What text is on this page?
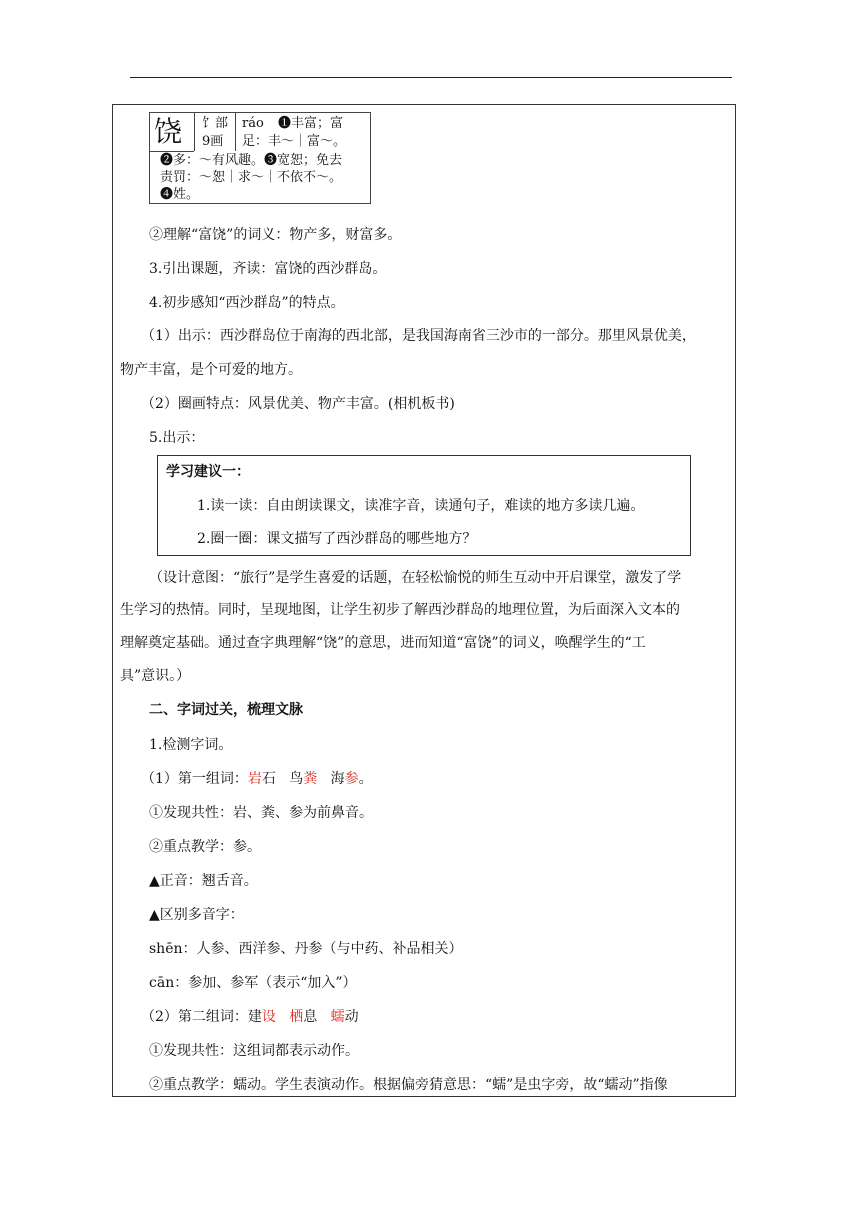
饶 饣部
9画
ráo ❶丰富；富
足：丰～｜富～。
❷多：～有风趣。❸宽恕；免去
责罚：～恕｜求～｜不依不～。
❹姓。
②理解“富饶”的词义：物产多，财富多。
3.引出课题，齐读：富饶的西沙群岛。
4.初步感知“西沙群岛”的特点。
（1）出示：西沙群岛位于南海的西北部，是我国海南省三沙市的一部分。那里风景优美，
物产丰富，是个可爱的地方。
（2）圈画特点：风景优美、物产丰富。(相机板书)
5.出示：
学习建议一：
1.读一读：自由朗读课文，读准字音，读通句子，难读的地方多读几遍。
2.圈一圈：课文描写了西沙群岛的哪些地方？
（设计意图：“旅行”是学生喜爱的话题，在轻松愉悦的师生互动中开启课堂，激发了学
生学习的热情。同时，呈现地图，让学生初步了解西沙群岛的地理位置，为后面深入文本的
理解奠定基础。通过查字典理解“饶”的意思，进而知道“富饶”的词义，唤醒学生的“工
具”意识。）
二、字词过关，梳理文脉
1.检测字词。
（1）第一组词：岩石 鸟粪 海参。
①发现共性：岩、粪、参为前鼻音。
②重点教学：参。
▲正音：翘舌音。
▲区别多音字：
shēn：人参、西洋参、丹参（与中药、补品相关）
cān：参加、参军（表示“加入”）
（2）第二组词：建设 栖息 蠕动
①发现共性：这组词都表示动作。
②重点教学：蠕动。学生表演动作。根据偏旁猜意思：“蠕”是虫字旁，故“蠕动”指像
